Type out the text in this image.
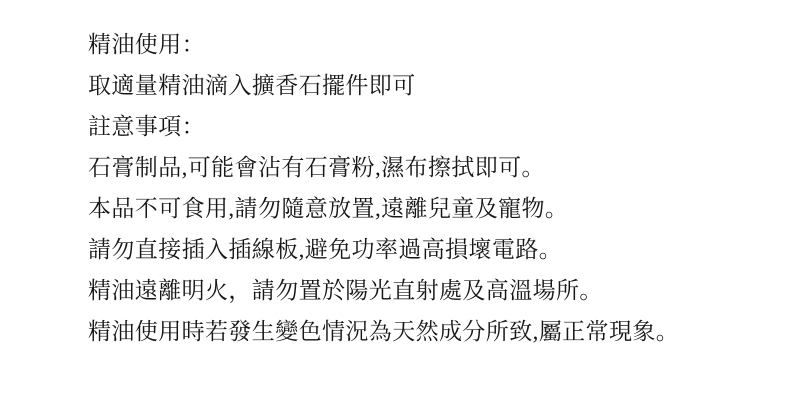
精油使用：
取適量精油滴入擴香石擺件即可
註意事項：
石膏制品,可能會沾有石膏粉,濕布擦拭即可。
本品不可食用,請勿隨意放置,遠離兒童及寵物。
請勿直接插入插線板,避免功率過高損壞電路。
精油遠離明火，請勿置於陽光直射處及高溫場所。
精油使用時若發生變色情況為天然成分所致,屬正常現象。
